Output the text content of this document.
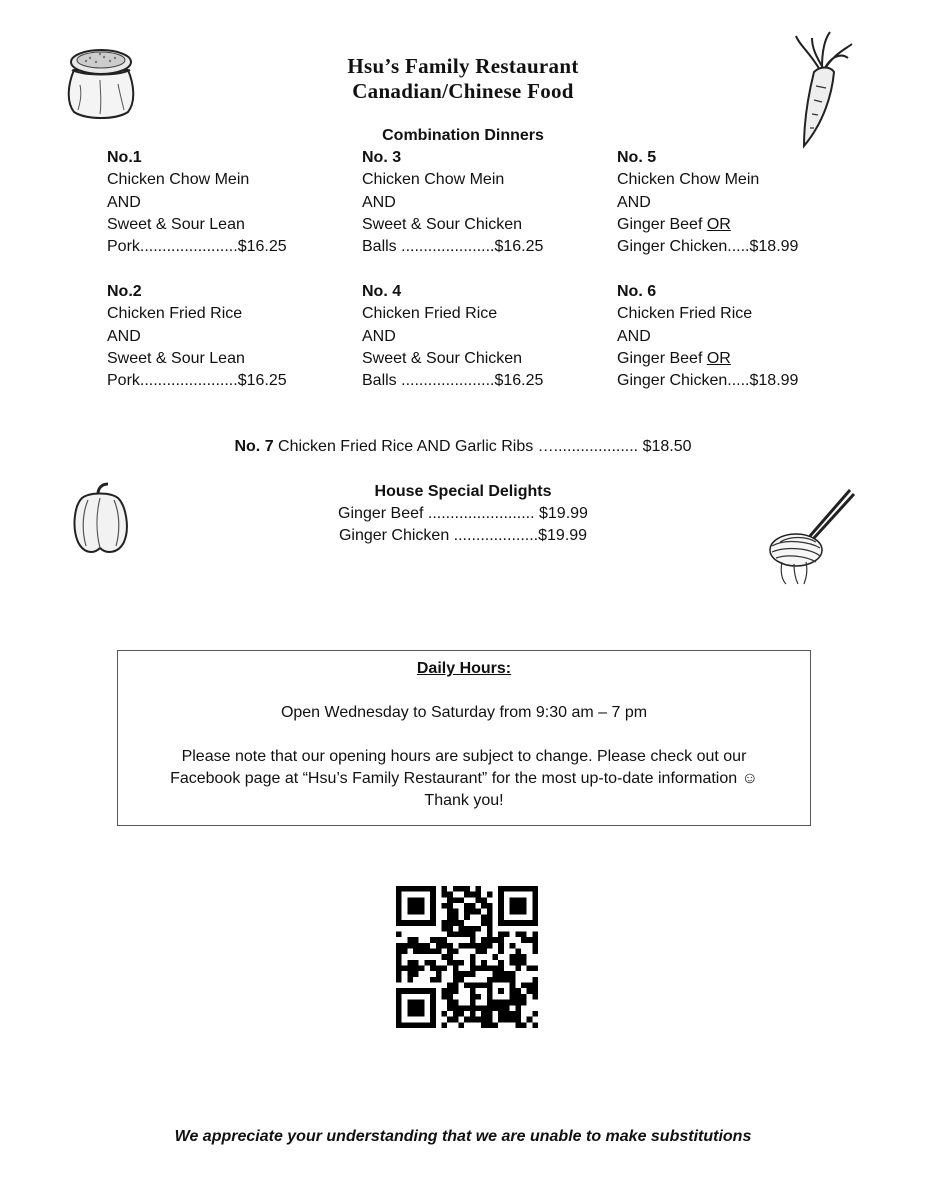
Hsu’s Family Restaurant
Canadian/Chinese Food
Combination Dinners
No.1
Chicken Chow Mein
AND
Sweet & Sour Lean
Pork......................$16.25
No.2
Chicken Fried Rice
AND
Sweet & Sour Lean
Pork......................$16.25
No. 3
Chicken Chow Mein
AND
Sweet & Sour Chicken
Balls .....................$16.25
No. 4
Chicken Fried Rice
AND
Sweet & Sour Chicken
Balls .....................$16.25
No. 5
Chicken Chow Mein
AND
Ginger Beef OR
Ginger Chicken.....$18.99
No. 6
Chicken Fried Rice
AND
Ginger Beef OR
Ginger Chicken.....$18.99
No. 7 Chicken Fried Rice AND Garlic Ribs …................... $18.50
House Special Delights
Ginger Beef ........................ $19.99
Ginger Chicken ...................$19.99
Daily Hours:
Open Wednesday to Saturday from 9:30 am – 7 pm
Please note that our opening hours are subject to change. Please check out our
Facebook page at “Hsu’s Family Restaurant” for the most up-to-date information ☺
Thank you!
We appreciate your understanding that we are unable to make substitutions
